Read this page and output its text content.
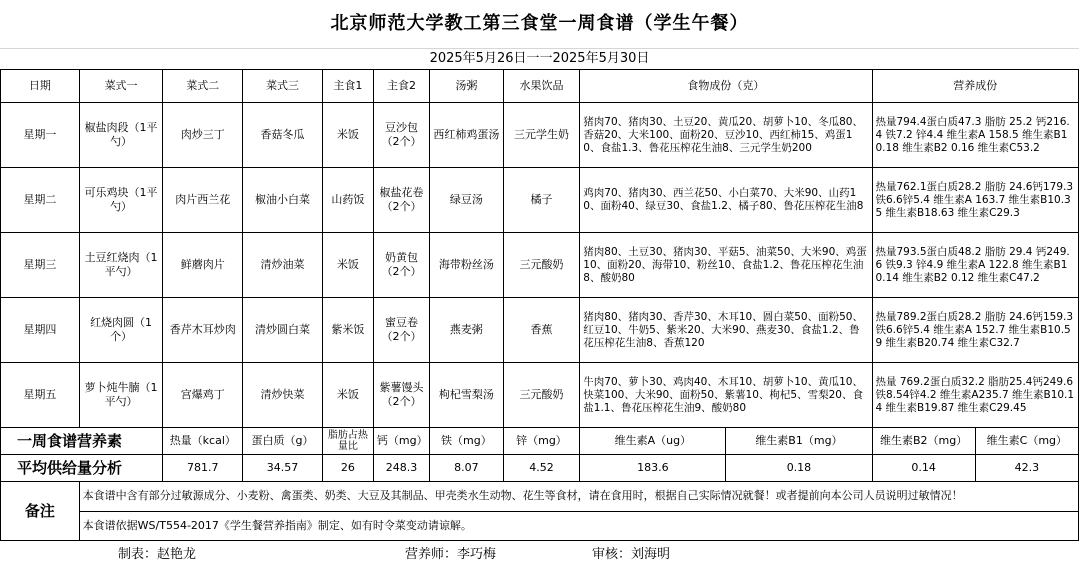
北京师范大学教工第三食堂一周食谱（学生午餐）
2025年5月26日一一2025年5月30日
日期	菜式一	菜式二	菜式三	主食1	主食2	汤粥	水果饮品	食物成份（克）		营养成份	
星期一	椒盐肉段（1平勺）	肉炒三丁	香菇冬瓜	米饭	豆沙包（2个）	西红柿鸡蛋汤	三元学生奶	猪肉70、猪肉30、土豆20、黄瓜20、胡萝卜10、冬瓜80、香菇20、大米100、面粉20、豆沙10、西红柿15、鸡蛋10、食盐1.3、鲁花压榨花生油8、三元学生奶200		热量794.4蛋白质47.3 脂肪 25.2 钙216.4 铁7.2 锌4.4 维生素A 158.5 维生素B1 0.18 维生素B2 0.16 维生素C53.2	
星期二	可乐鸡块（1平勺）	肉片西兰花	椒油小白菜	山药饭	椒盐花卷（2个）	绿豆汤	橘子	鸡肉70、猪肉30、西兰花50、小白菜70、大米90、山药10、面粉40、绿豆30、食盐1.2、橘子80、鲁花压榨花生油8		热量762.1蛋白质28.2 脂肪 24.6钙179.3 铁6.6锌5.4 维生素A 163.7 维生素B10.35 维生素B18.63 维生素C29.3	
星期三	土豆红烧肉（1平勺）	鲜蘑肉片	清炒油菜	米饭	奶黄包（2个）	海带粉丝汤	三元酸奶	猪肉80、土豆30、猪肉30、平菇5、油菜50、大米90、鸡蛋10、面粉20、海带10、粉丝10、食盐1.2、鲁花压榨花生油8、酸奶80		热量793.5蛋白质48.2 脂肪 29.4 钙249.6 铁9.3 锌4.9 维生素A 122.8 维生素B1 0.14 维生素B2 0.12 维生素C47.2	
星期四	红烧肉圆（1个）	香芹木耳炒肉	清炒圆白菜	紫米饭	蜜豆卷（2个）	燕麦粥	香蕉	猪肉80、猪肉30、香芹30、木耳10、圆白菜50、面粉50、红豆10、牛奶5、紫米20、大米90、燕麦30、食盐1.2、鲁花压榨花生油8、香蕉120		热量789.2蛋白质28.2 脂肪 24.6钙159.3 铁6.6锌5.4 维生素A 152.7 维生素B10.59 维生素B20.74 维生素C32.7	
星期五	萝卜炖牛腩（1平勺）	宫爆鸡丁	清炒快菜	米饭	紫薯馒头（2个）	枸杞雪梨汤	三元酸奶	牛肉70、萝卜30、鸡肉40、木耳10、胡萝卜10、黄瓜10、快菜100、大米90、面粉50、紫薯10、枸杞5、雪梨20、食盐1.1、鲁花压榨花生油9、酸奶80		热量 769.2蛋白质32.2 脂肪25.4钙249.6铁8.54锌4.2 维生素A235.7 维生素B10.14 维生素B19.87 维生素C29.45	
一周食谱营养素		热量（kcal）	蛋白质（g）	脂肪占热量比	钙（mg）	铁（mg）	锌（mg）	维生素A（ug）	维生素B1（mg）	维生素B2（mg）	维生素C（mg）
平均供给量分析		781.7	34.57	26	248.3	8.07	4.52	183.6	0.18	0.14	42.3
备注	本食谱中含有部分过敏源成分、小麦粉、禽蛋类、奶类、大豆及其制品、甲壳类水生动物、花生等食材，请在食用时，根据自己实际情况就餐！或者提前向本公司人员说明过敏情况！										
	本食谱依据WS/T554-2017《学生餐营养指南》制定、如有时令菜变动请谅解。										
制表：赵艳龙	营养师：李巧梅	审核：刘海明
